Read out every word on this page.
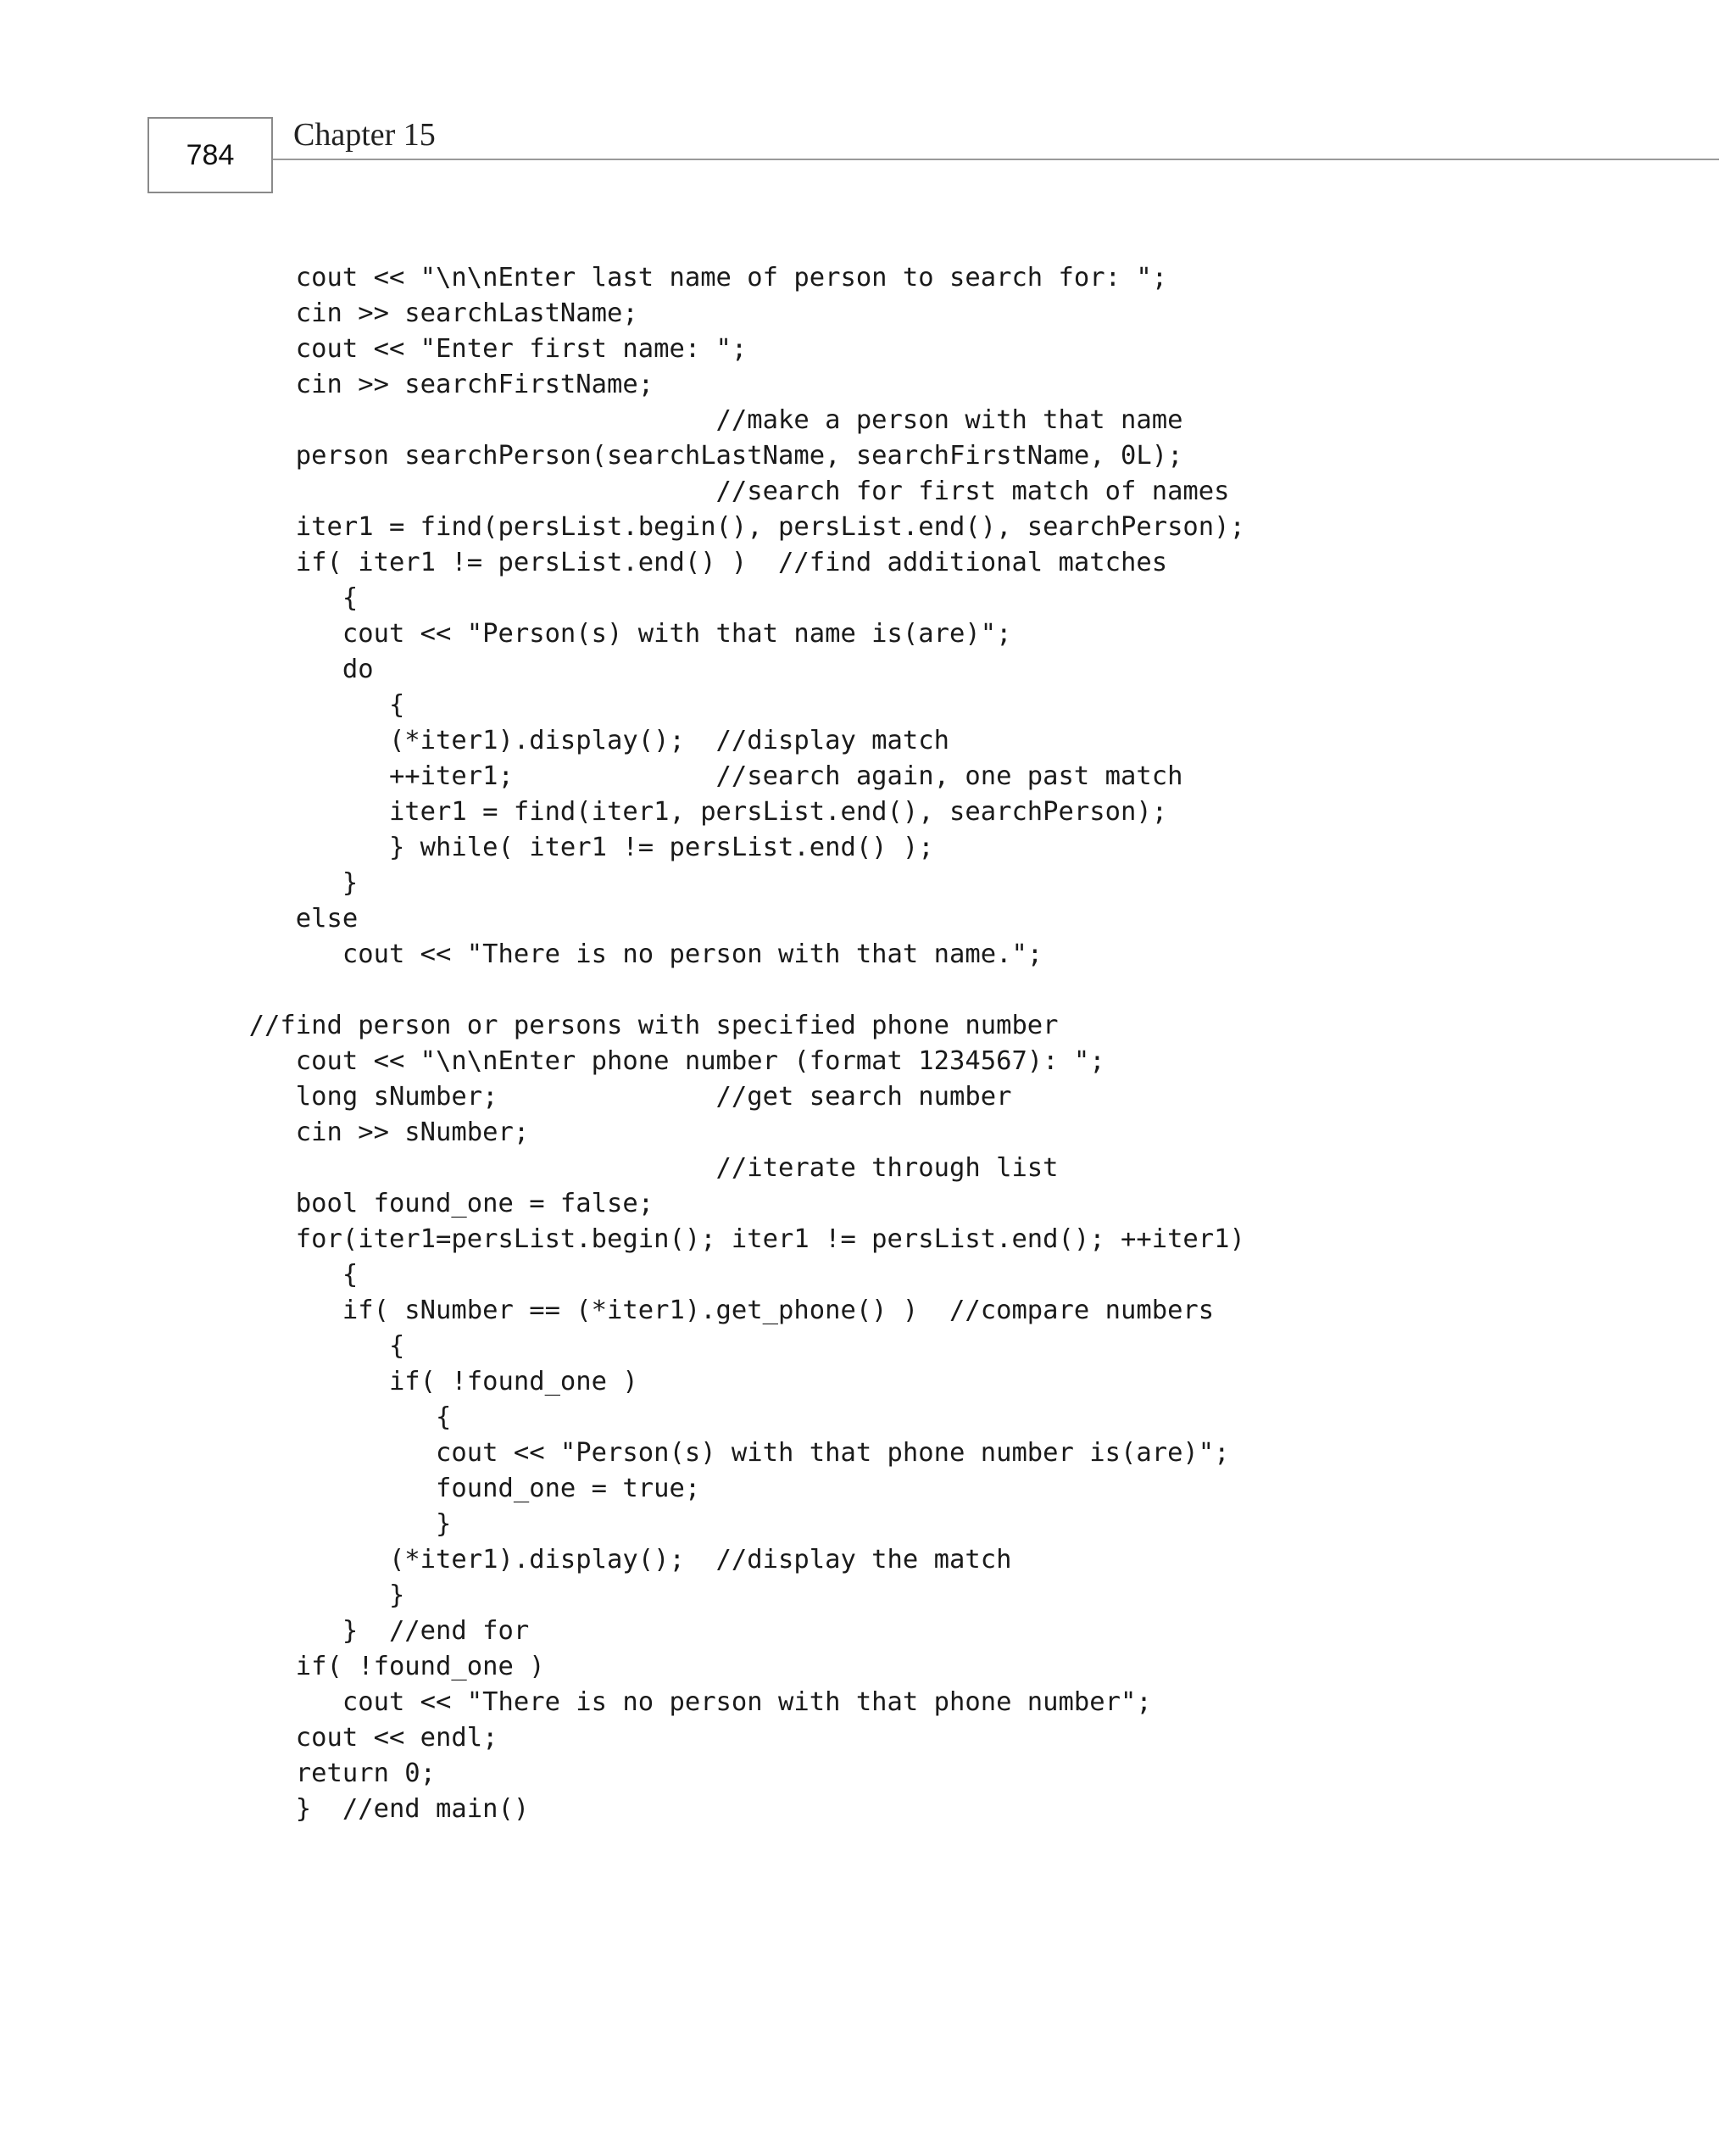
784
Chapter 15
cout << "\n\nEnter last name of person to search for: ";
cin >> searchLastName;
cout << "Enter first name: ";
cin >> searchFirstName;
//make a person with that name
person searchPerson(searchLastName, searchFirstName, 0L);
//search for first match of names
iter1 = find(persList.begin(), persList.end(), searchPerson);
if( iter1 != persList.end() )  //find additional matches
{
cout << "Person(s) with that name is(are)";
do
{
(*iter1).display();  //display match
++iter1;             //search again, one past match
iter1 = find(iter1, persList.end(), searchPerson);
} while( iter1 != persList.end() );
}
else
cout << "There is no person with that name.";

//find person or persons with specified phone number
cout << "\n\nEnter phone number (format 1234567): ";
long sNumber;              //get search number
cin >> sNumber;
//iterate through list
bool found_one = false;
for(iter1=persList.begin(); iter1 != persList.end(); ++iter1)
{
if( sNumber == (*iter1).get_phone() )  //compare numbers
{
if( !found_one )
{
cout << "Person(s) with that phone number is(are)";
found_one = true;
}
(*iter1).display();  //display the match
}
}  //end for
if( !found_one )
cout << "There is no person with that phone number";
cout << endl;
return 0;
}  //end main()
